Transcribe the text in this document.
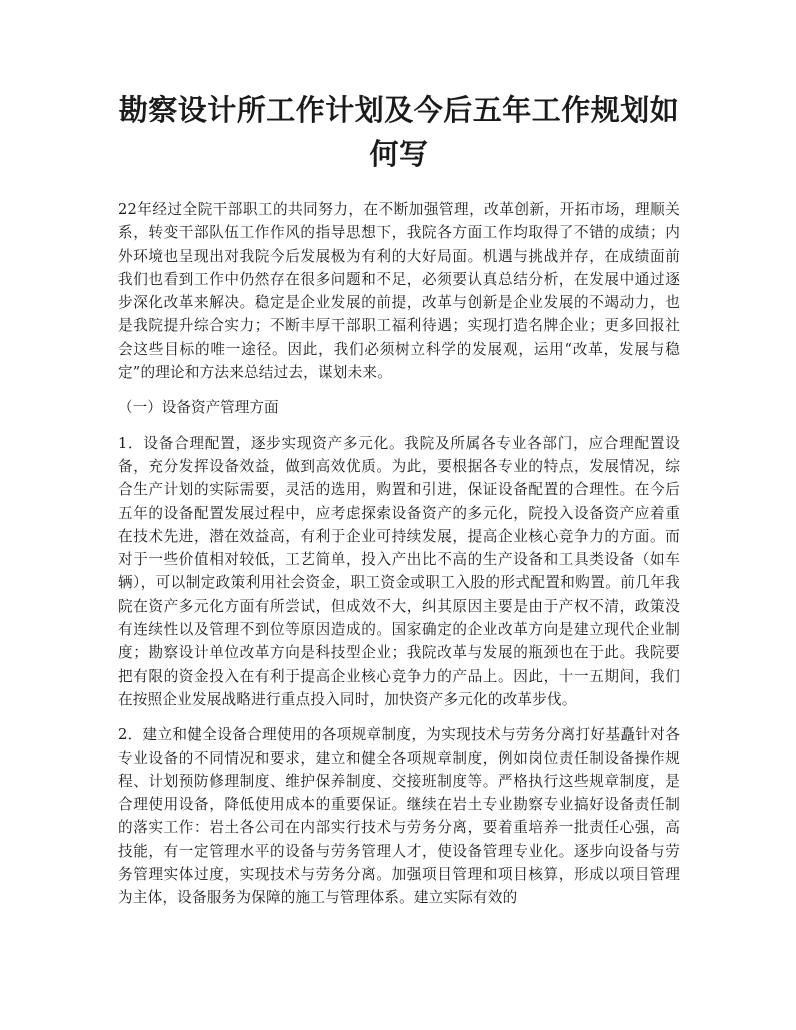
勘察设计所工作计划及今后五年工作规划如何写

22年经过全院干部职工的共同努力，在不断加强管理，改革创新，开拓市场，理顺关系，转变干部队伍工作作风的指导思想下，我院各方面工作均取得了不错的成绩；内外环境也呈现出对我院今后发展极为有利的大好局面。机遇与挑战并存，在成绩面前我们也看到工作中仍然存在很多问题和不足，必须要认真总结分析，在发展中通过逐步深化改革来解决。稳定是企业发展的前提，改革与创新是企业发展的不竭动力，也是我院提升综合实力；不断丰厚干部职工福利待遇；实现打造名牌企业；更多回报社会这些目标的唯一途径。因此，我们必须树立科学的发展观，运用“改革，发展与稳定”的理论和方法来总结过去，谋划未来。

（一）设备资产管理方面

1．设备合理配置，逐步实现资产多元化。我院及所属各专业各部门，应合理配置设备，充分发挥设备效益，做到高效优质。为此，要根据各专业的特点，发展情况，综合生产计划的实际需要，灵活的选用，购置和引进，保证设备配置的合理性。在今后五年的设备配置发展过程中，应考虑探索设备资产的多元化，院投入设备资产应着重在技术先进，潜在效益高，有利于企业可持续发展，提高企业核心竞争力的方面。而对于一些价值相对较低，工艺简单，投入产出比不高的生产设备和工具类设备（如车辆），可以制定政策利用社会资金，职工资金或职工入股的形式配置和购置。前几年我院在资产多元化方面有所尝试，但成效不大，纠其原因主要是由于产权不清，政策没有连续性以及管理不到位等原因造成的。国家确定的企业改革方向是建立现代企业制度；勘察设计单位改革方向是科技型企业；我院改革与发展的瓶颈也在于此。我院要把有限的资金投入在有利于提高企业核心竞争力的产品上。因此，十一五期间，我们在按照企业发展战略进行重点投入同时，加快资产多元化的改革步伐。

2．建立和健全设备合理使用的各项规章制度，为实现技术与劳务分离打好基矗针对各专业设备的不同情况和要求，建立和健全各项规章制度，例如岗位责任制设备操作规程、计划预防修理制度、维护保养制度、交接班制度等。严格执行这些规章制度，是合理使用设备，降低使用成本的重要保证。继续在岩土专业勘察专业搞好设备责任制的落实工作：岩土各公司在内部实行技术与劳务分离，要着重培养一批责任心强，高技能，有一定管理水平的设备与劳务管理人才，使设备管理专业化。逐步向设备与劳务管理实体过度，实现技术与劳务分离。加强项目管理和项目核算，形成以项目管理为主体，设备服务为保障的施工与管理体系。建立实际有效的
